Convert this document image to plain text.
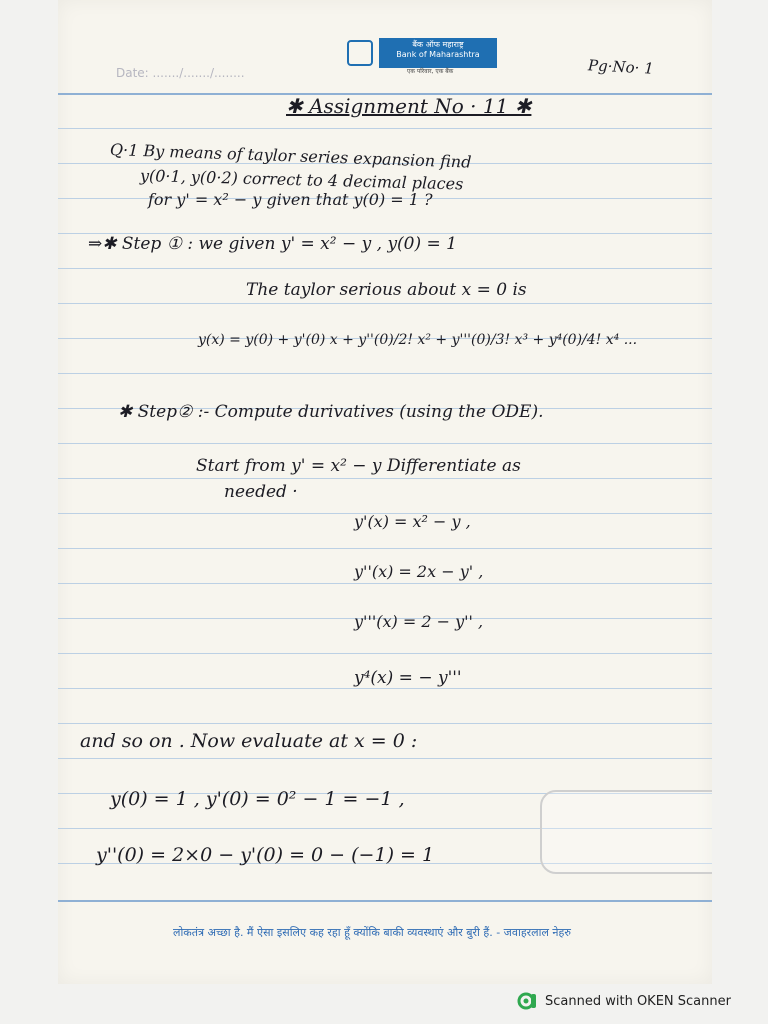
बैंक ऑफ महाराष्ट्र
Bank of Maharashtra
एक परिवार, एक बैंक
Date: ......./......./........	Pg·No· 1
✱ Assignment No · 11 ✱
Q·1 By means of taylor series expansion find
y(0·1, y(0·2) correct to 4 decimal places
for y' = x² − y given that y(0) = 1 ?
⇒✱ Step ① : we given y' = x² − y , y(0) = 1
The taylor serious about x = 0 is
y(x) = y(0) + y'(0) x + y''(0)/2! x² + y'''(0)/3! x³ + y⁴(0)/4! x⁴ ...
✱ Step② :- Compute durivatives (using the ODE).
Start from y' = x² − y Differentiate as
needed ·
y'(x) = x² − y ,
y''(x) = 2x − y' ,
y'''(x) = 2 − y'' ,
y⁴(x) = − y'''
and so on . Now evaluate at x = 0 :
y(0) = 1 , y'(0) = 0² − 1 = −1 ,
y''(0) = 2×0 − y'(0) = 0 − (−1) = 1
लोकतंत्र अच्छा है. मैं ऐसा इसलिए कह रहा हूँ क्योंकि बाकी व्यवस्थाएं और बुरी हैं. - जवाहरलाल नेहरु
Scanned with OKEN Scanner
